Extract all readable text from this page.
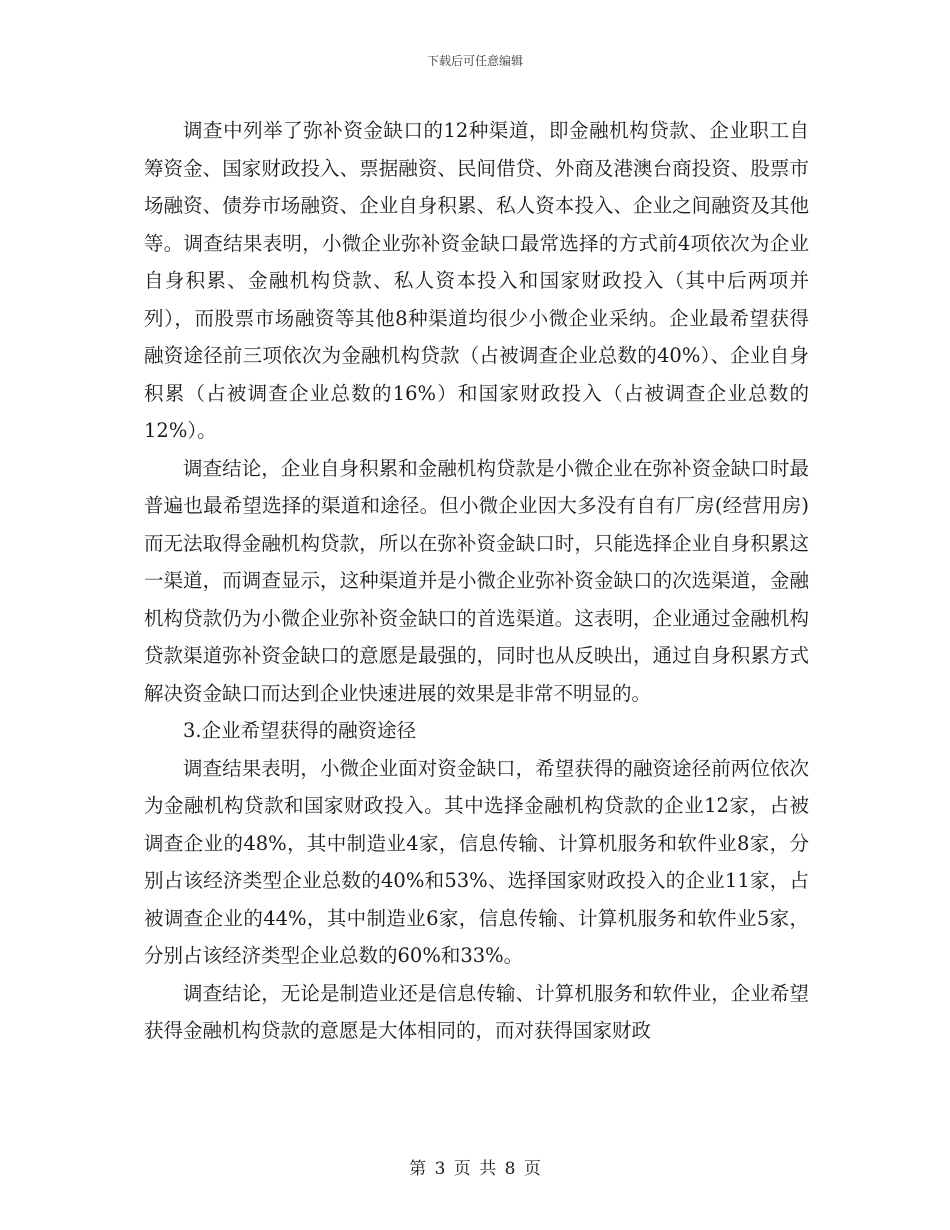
下载后可任意编辑

调查中列举了弥补资金缺口的12种渠道，即金融机构贷款、企业职工自筹资金、国家财政投入、票据融资、民间借贷、外商及港澳台商投资、股票市场融资、债券市场融资、企业自身积累、私人资本投入、企业之间融资及其他等。调查结果表明，小微企业弥补资金缺口最常选择的方式前4项依次为企业自身积累、金融机构贷款、私人资本投入和国家财政投入（其中后两项并列），而股票市场融资等其他8种渠道均很少小微企业采纳。企业最希望获得融资途径前三项依次为金融机构贷款（占被调查企业总数的40%）、企业自身积累（占被调查企业总数的16%）和国家财政投入（占被调查企业总数的12%）。

调查结论，企业自身积累和金融机构贷款是小微企业在弥补资金缺口时最普遍也最希望选择的渠道和途径。但小微企业因大多没有自有厂房(经营用房)而无法取得金融机构贷款，所以在弥补资金缺口时，只能选择企业自身积累这一渠道，而调查显示，这种渠道并是小微企业弥补资金缺口的次选渠道，金融机构贷款仍为小微企业弥补资金缺口的首选渠道。这表明，企业通过金融机构贷款渠道弥补资金缺口的意愿是最强的，同时也从反映出，通过自身积累方式解决资金缺口而达到企业快速进展的效果是非常不明显的。

3.企业希望获得的融资途径

调查结果表明，小微企业面对资金缺口，希望获得的融资途径前两位依次为金融机构贷款和国家财政投入。其中选择金融机构贷款的企业12家，占被调查企业的48%，其中制造业4家，信息传输、计算机服务和软件业8家，分别占该经济类型企业总数的40%和53%、选择国家财政投入的企业11家，占被调查企业的44%，其中制造业6家，信息传输、计算机服务和软件业5家，分别占该经济类型企业总数的60%和33%。

调查结论，无论是制造业还是信息传输、计算机服务和软件业，企业希望获得金融机构贷款的意愿是大体相同的，而对获得国家财政

第 3 页 共 8 页
